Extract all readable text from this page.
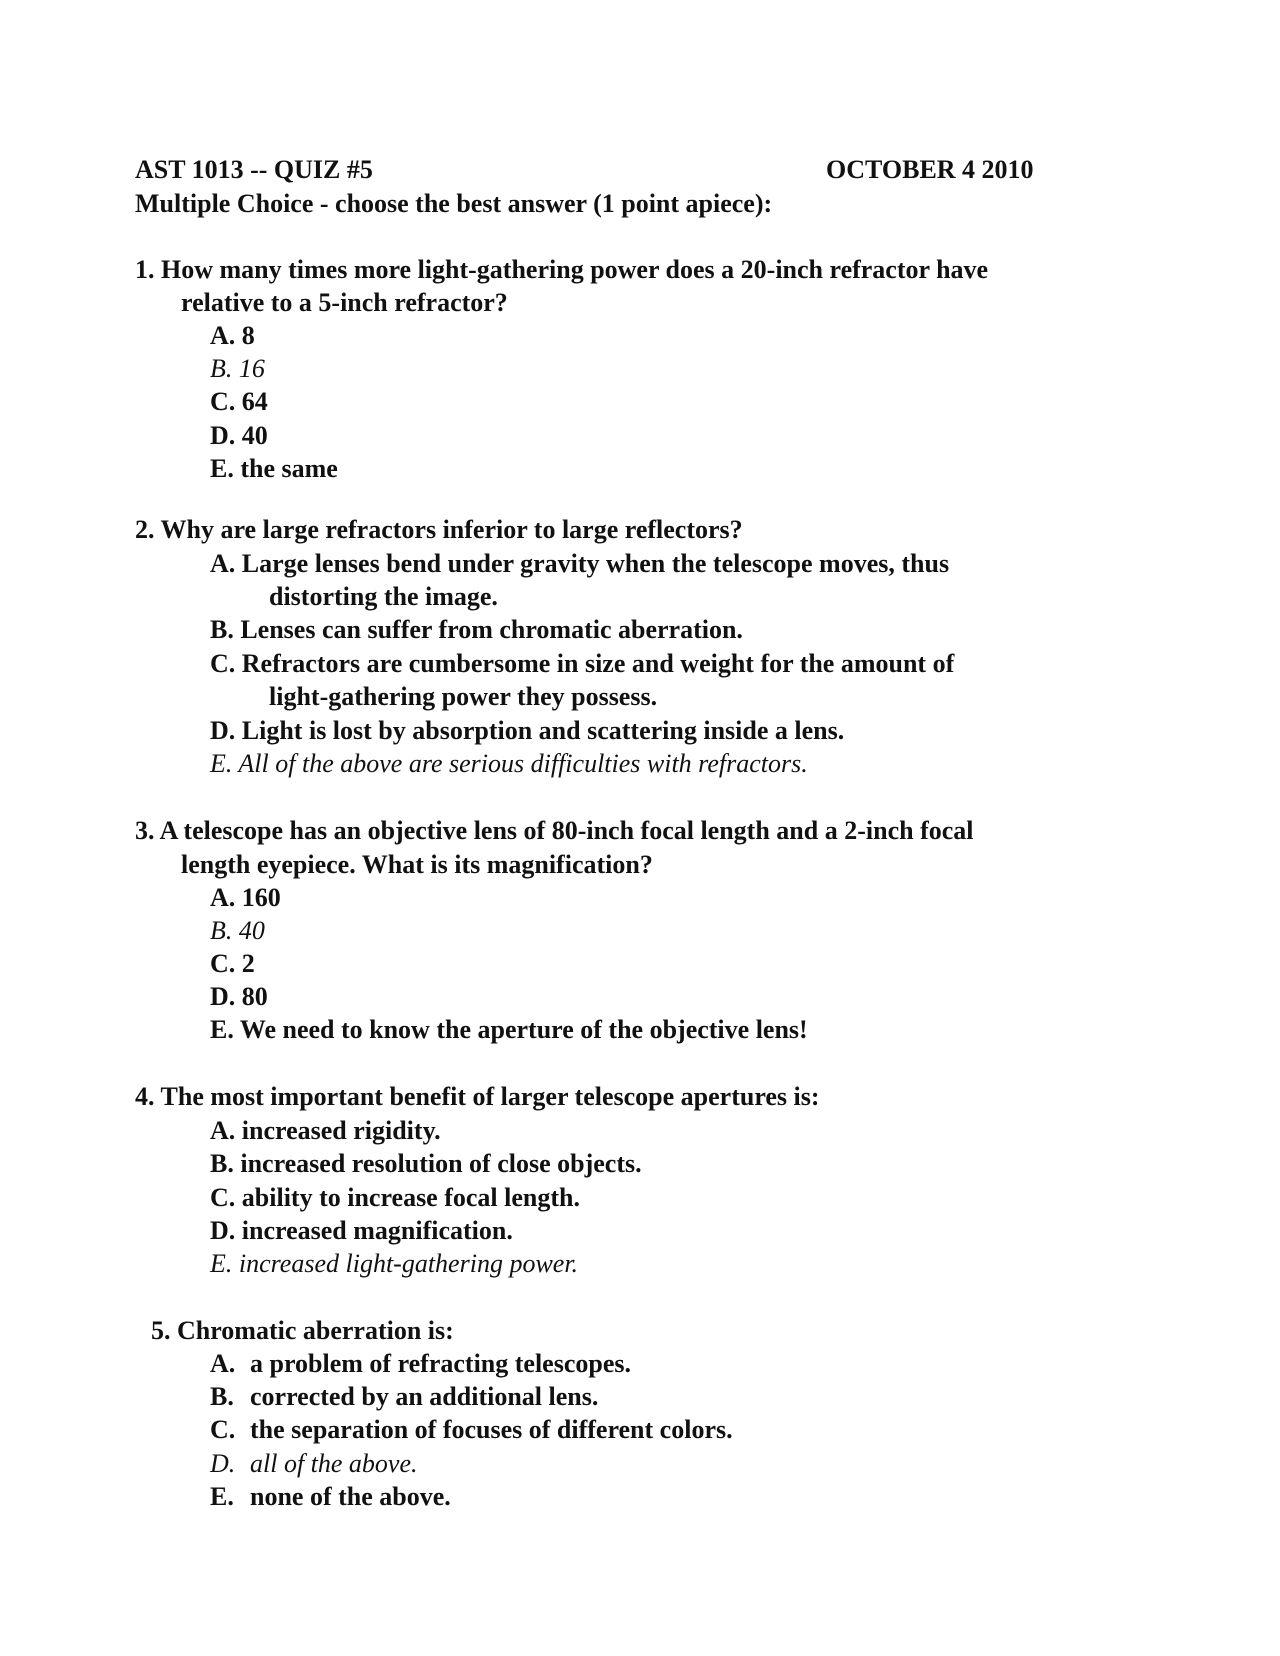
AST 1013 -- QUIZ #5	OCTOBER 4 2010
Multiple Choice - choose the best answer (1 point apiece):
1. How many times more light-gathering power does a 20-inch refractor have
relative to a 5-inch refractor?
A. 8
B. 16
C. 64
D. 40
E. the same
2. Why are large refractors inferior to large reflectors?
A. Large lenses bend under gravity when the telescope moves, thus
distorting the image.
B. Lenses can suffer from chromatic aberration.
C. Refractors are cumbersome in size and weight for the amount of
light-gathering power they possess.
D. Light is lost by absorption and scattering inside a lens.
E. All of the above are serious difficulties with refractors.
3. A telescope has an objective lens of 80-inch focal length and a 2-inch focal
length eyepiece. What is its magnification?
A. 160
B. 40
C. 2
D. 80
E. We need to know the aperture of the objective lens!
4. The most important benefit of larger telescope apertures is:
A. increased rigidity.
B. increased resolution of close objects.
C. ability to increase focal length.
D. increased magnification.
E. increased light-gathering power.
5. Chromatic aberration is:
A. a problem of refracting telescopes.
B. corrected by an additional lens.
C. the separation of focuses of different colors.
D. all of the above.
E. none of the above.
